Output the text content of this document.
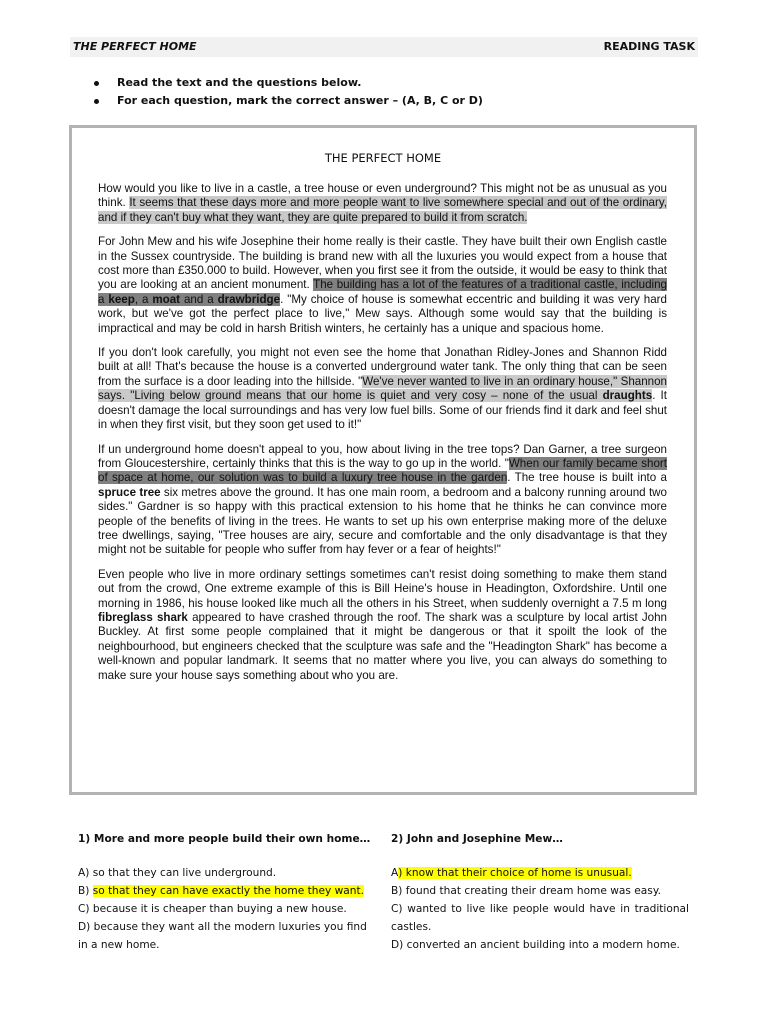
THE PERFECT HOME	READING TASK
Read the text and the questions below.
For each question, mark the correct answer – (A, B, C or D)
THE PERFECT HOME

How would you like to live in a castle, a tree house or even underground? This might not be as unusual as you think. It seems that these days more and more people want to live somewhere special and out of the ordinary, and if they can't buy what they want, they are quite prepared to build it from scratch.

For John Mew and his wife Josephine their home really is their castle. They have built their own English castle in the Sussex countryside. The building is brand new with all the luxuries you would expect from a house that cost more than £350.000 to build. However, when you first see it from the outside, it would be easy to think that you are looking at an ancient monument. The building has a lot of the features of a traditional castle, including a keep, a moat and a drawbridge. "My choice of house is somewhat eccentric and building it was very hard work, but we've got the perfect place to live," Mew says. Although some would say that the building is impractical and may be cold in harsh British winters, he certainly has a unique and spacious home.

If you don't look carefully, you might not even see the home that Jonathan Ridley-Jones and Shannon Ridd built at all! That's because the house is a converted underground water tank. The only thing that can be seen from the surface is a door leading into the hillside. "We've never wanted to live in an ordinary house," Shannon says. "Living below ground means that our home is quiet and very cosy – none of the usual draughts. It doesn't damage the local surroundings and has very low fuel bills. Some of our friends find it dark and feel shut in when they first visit, but they soon get used to it!"

If un underground home doesn't appeal to you, how about living in the tree tops? Dan Garner, a tree surgeon from Gloucestershire, certainly thinks that this is the way to go up in the world. "When our family became short of space at home, our solution was to build a luxury tree house in the garden. The tree house is built into a spruce tree six metres above the ground. It has one main room, a bedroom and a balcony running around two sides." Gardner is so happy with this practical extension to his home that he thinks he can convince more people of the benefits of living in the trees. He wants to set up his own enterprise making more of the deluxe tree dwellings, saying, "Tree houses are airy, secure and comfortable and the only disadvantage is that they might not be suitable for people who suffer from hay fever or a fear of heights!"

Even people who live in more ordinary settings sometimes can't resist doing something to make them stand out from the crowd, One extreme example of this is Bill Heine's house in Headington, Oxfordshire. Until one morning in 1986, his house looked like much all the others in his Street, when suddenly overnight a 7.5 m long fibreglass shark appeared to have crashed through the roof. The shark was a sculpture by local artist John Buckley. At first some people complained that it might be dangerous or that it spoilt the look of the neighbourhood, but engineers checked that the sculpture was safe and the "Headington Shark" has become a well-known and popular landmark. It seems that no matter where you live, you can always do something to make sure your house says something about who you are.

1) More and more people build their own home…
A) so that they can live underground.
B) so that they can have exactly the home they want.
C) because it is cheaper than buying a new house.
D) because they want all the modern luxuries you find in a new home.
2) John and Josephine Mew…
A) know that their choice of home is unusual.
B) found that creating their dream home was easy.
C) wanted to live like people would have in traditional castles.
D) converted an ancient building into a modern home.
